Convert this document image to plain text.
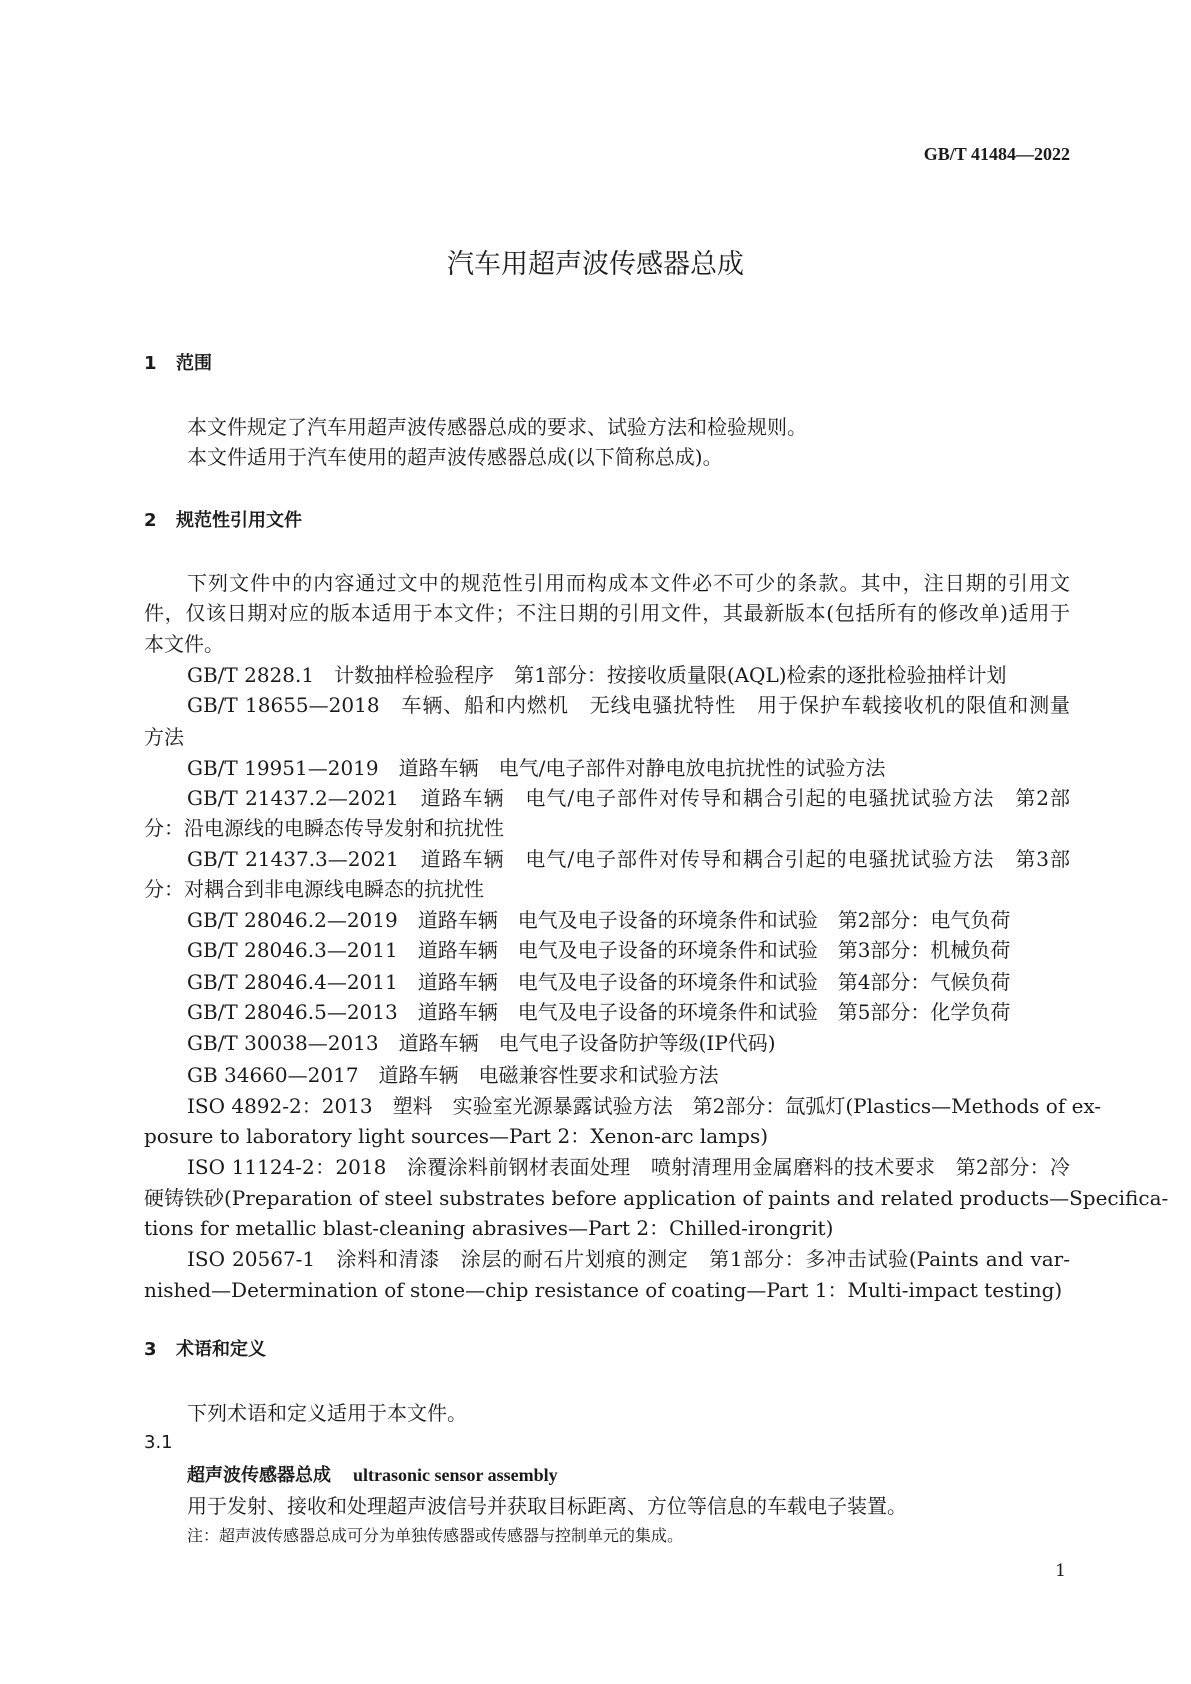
GB/T 41484—2022
汽车用超声波传感器总成
1 范围
本文件规定了汽车用超声波传感器总成的要求、试验方法和检验规则。
本文件适用于汽车使用的超声波传感器总成(以下简称总成)。
2 规范性引用文件
下列文件中的内容通过文中的规范性引用而构成本文件必不可少的条款。其中，注日期的引用文
件，仅该日期对应的版本适用于本文件；不注日期的引用文件，其最新版本(包括所有的修改单)适用于
本文件。
GB/T 2828.1　计数抽样检验程序　第1部分：按接收质量限(AQL)检索的逐批检验抽样计划
GB/T 18655—2018　车辆、船和内燃机　无线电骚扰特性　用于保护车载接收机的限值和测量
方法
GB/T 19951—2019　道路车辆　电气/电子部件对静电放电抗扰性的试验方法
GB/T 21437.2—2021　道路车辆　电气/电子部件对传导和耦合引起的电骚扰试验方法　第2部
分：沿电源线的电瞬态传导发射和抗扰性
GB/T 21437.3—2021　道路车辆　电气/电子部件对传导和耦合引起的电骚扰试验方法　第3部
分：对耦合到非电源线电瞬态的抗扰性
GB/T 28046.2—2019　道路车辆　电气及电子设备的环境条件和试验　第2部分：电气负荷
GB/T 28046.3—2011　道路车辆　电气及电子设备的环境条件和试验　第3部分：机械负荷
GB/T 28046.4—2011　道路车辆　电气及电子设备的环境条件和试验　第4部分：气候负荷
GB/T 28046.5—2013　道路车辆　电气及电子设备的环境条件和试验　第5部分：化学负荷
GB/T 30038—2013　道路车辆　电气电子设备防护等级(IP代码)
GB 34660—2017　道路车辆　电磁兼容性要求和试验方法
ISO 4892-2：2013　塑料　实验室光源暴露试验方法　第2部分：氙弧灯(Plastics—Methods of ex-
posure to laboratory light sources—Part 2：Xenon-arc lamps)
ISO 11124-2：2018　涂覆涂料前钢材表面处理　喷射清理用金属磨料的技术要求　第2部分：冷
硬铸铁砂(Preparation of steel substrates before application of paints and related products—Specifica-
tions for metallic blast-cleaning abrasives—Part 2：Chilled-irongrit)
ISO 20567-1　涂料和清漆　涂层的耐石片划痕的测定　第1部分：多冲击试验(Paints and var-
nished—Determination of stone—chip resistance of coating—Part 1：Multi-impact testing)
3 术语和定义
下列术语和定义适用于本文件。
3.1
超声波传感器总成 ultrasonic sensor assembly
用于发射、接收和处理超声波信号并获取目标距离、方位等信息的车载电子装置。
注：超声波传感器总成可分为单独传感器或传感器与控制单元的集成。
1
